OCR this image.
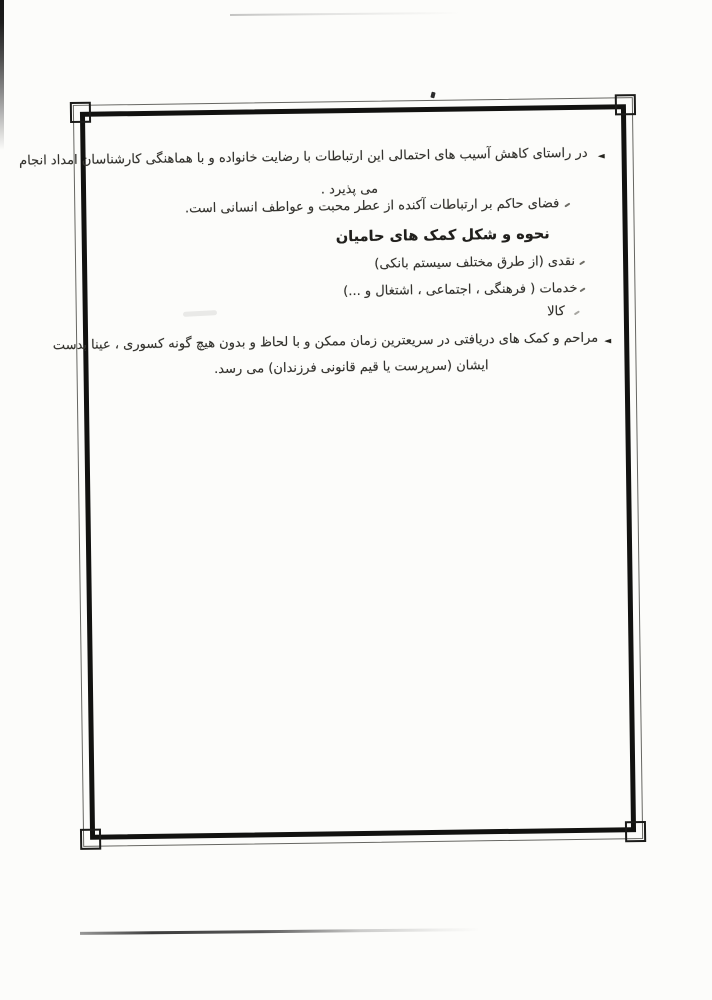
◄
در راستای کاهش آسیب های احتمالی این ارتباطات با رضایت خانواده و با هماهنگی کارشناسان امداد انجام
می پذیرد .
فضای حاکم بر ارتباطات آکنده از عطر محبت و عواطف انسانی است.
نحوه و شکل کمک های حامیان
نقدی (از طرق مختلف سیستم بانکی)
خدمات ( فرهنگی ، اجتماعی ، اشتغال و ...)
کالا
◄
مراحم و کمک های دریافتی در سریعترین زمان ممکن و با لحاظ و بدون هیچ گونه کسوری ، عینا بدست
ایشان (سرپرست یا قیم قانونی فرزندان) می رسد.
